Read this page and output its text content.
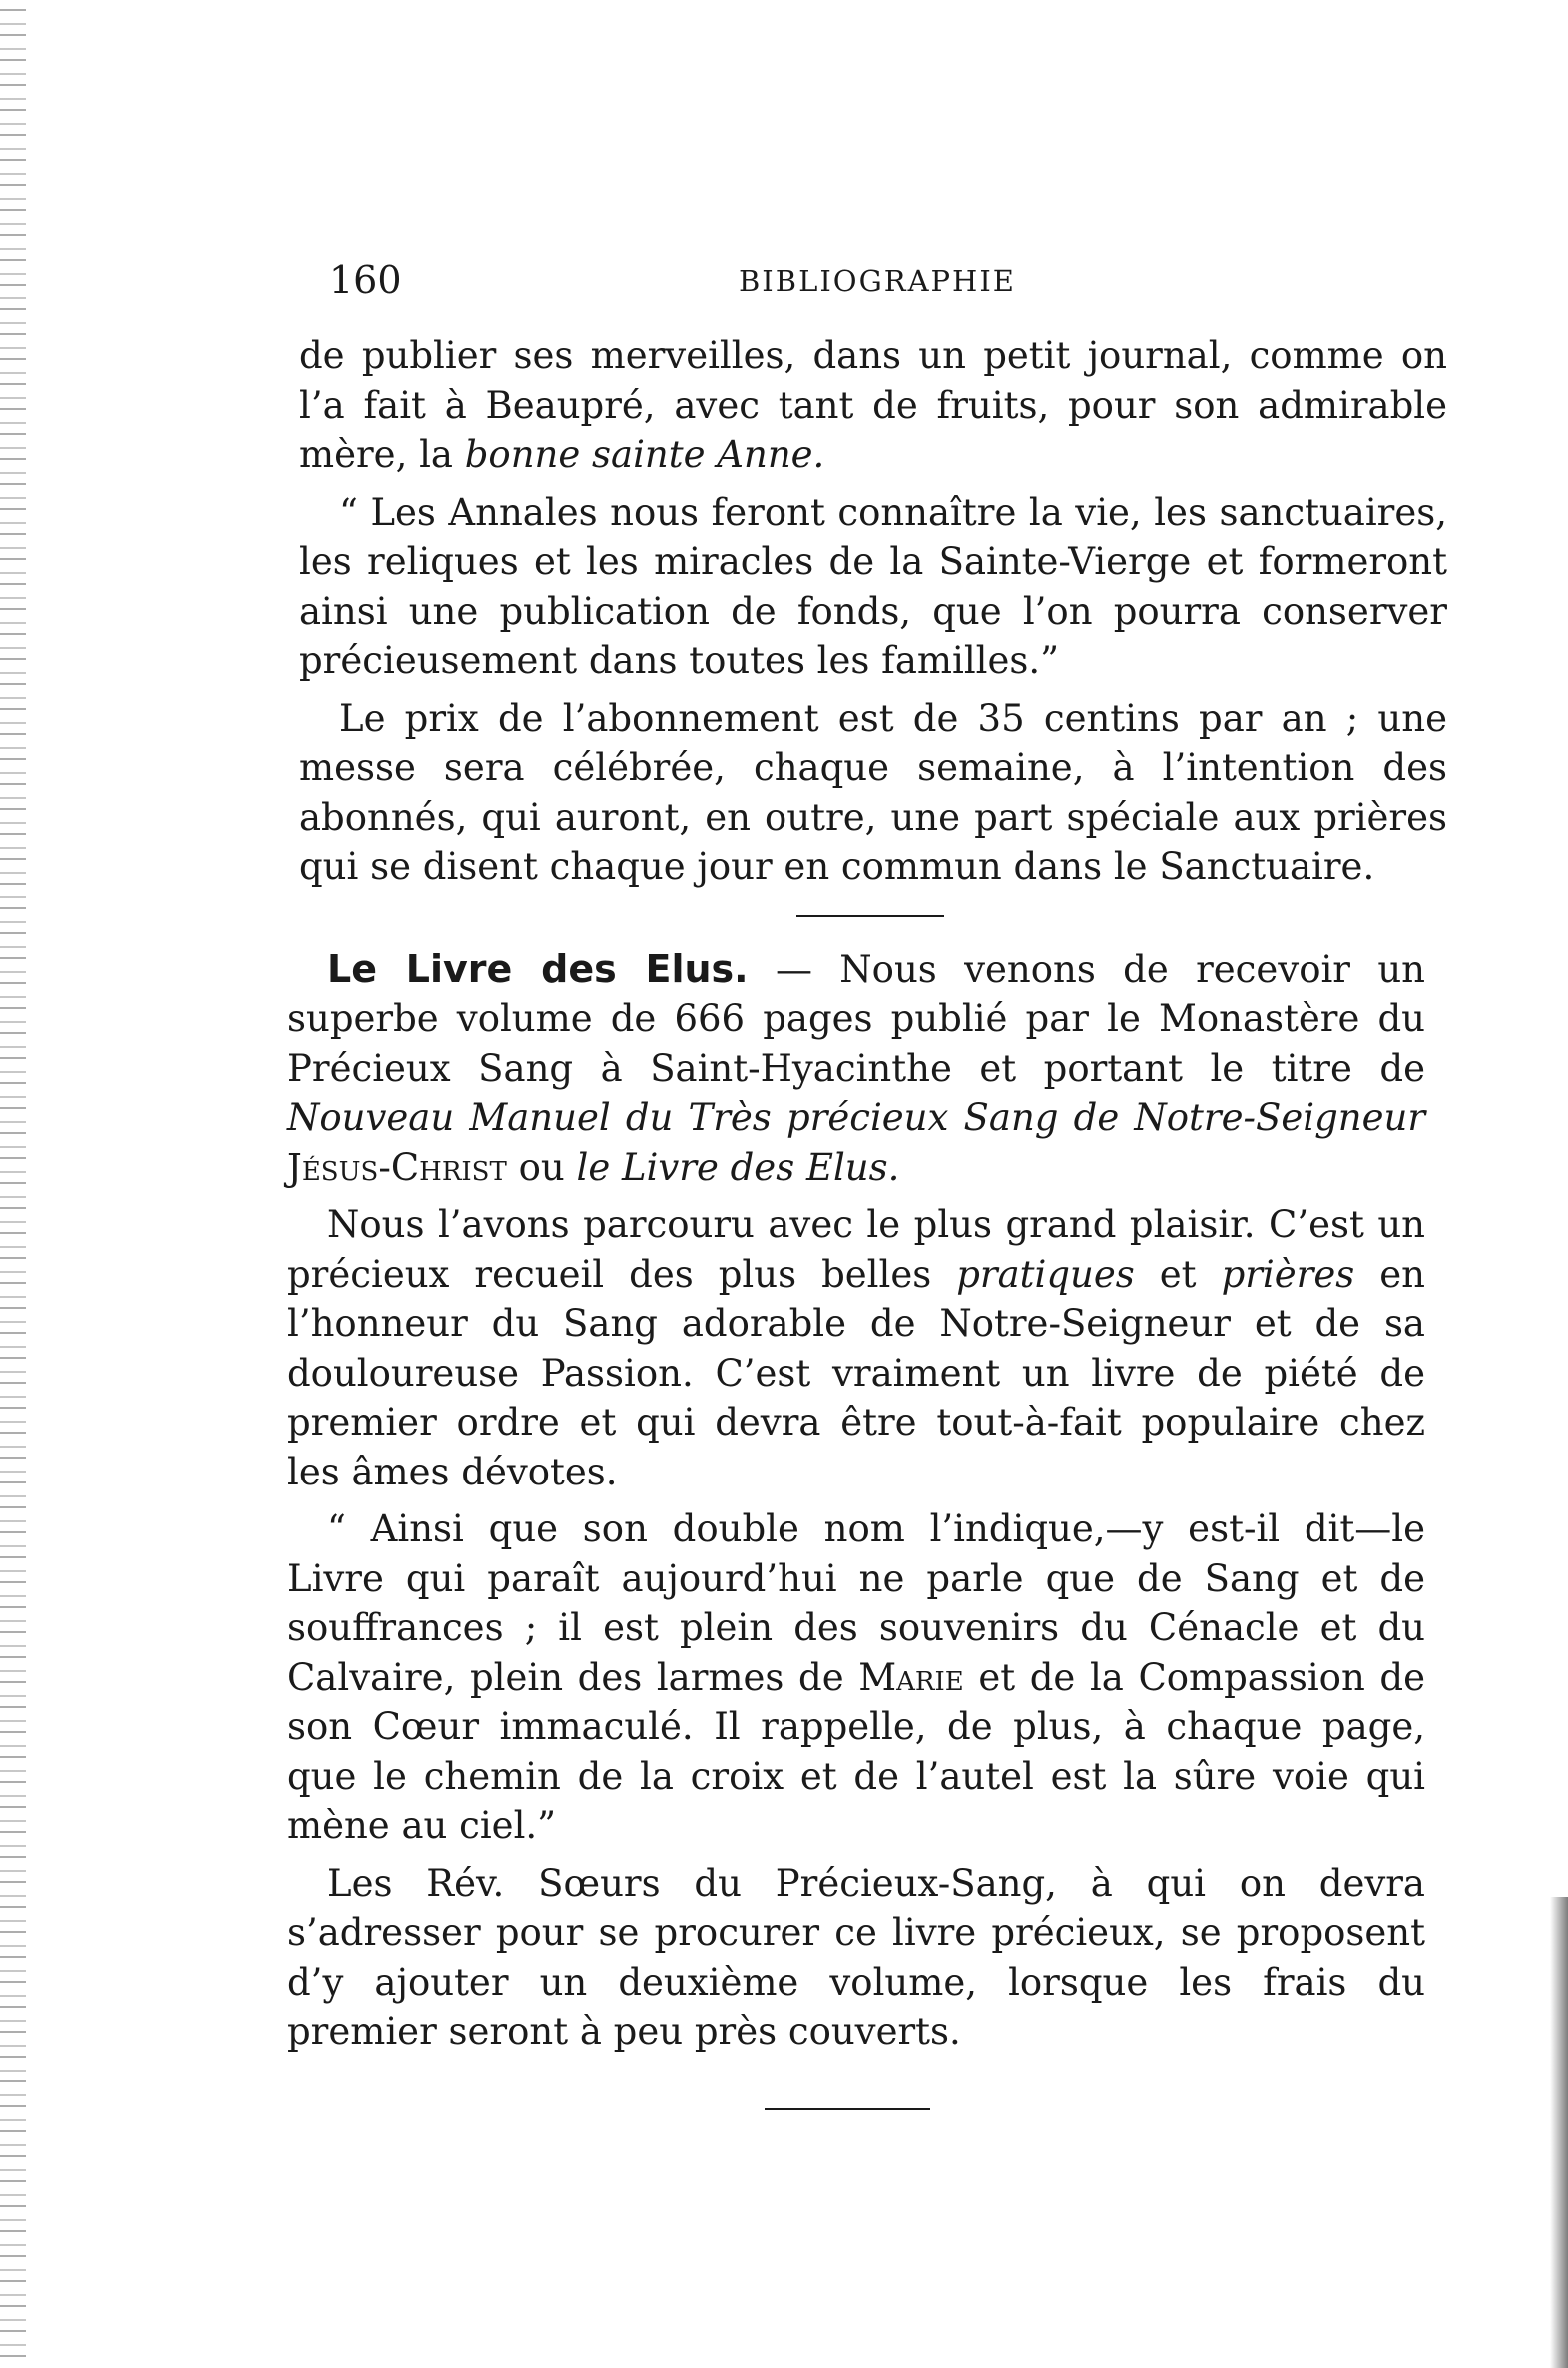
160	BIBLIOGRAPHIE

de publier ses merveilles, dans un petit journal, comme on l’a fait à Beaupré, avec tant de fruits, pour son admirable mère, la bonne sainte Anne.

“ Les Annales nous feront connaître la vie, les sanctuaires, les reliques et les miracles de la Sainte-Vierge et formeront ainsi une publication de fonds, que l’on pourra conserver précieusement dans toutes les familles.”

Le prix de l’abonnement est de 35 centins par an ; une messe sera célébrée, chaque semaine, à l’intention des abonnés, qui auront, en outre, une part spéciale aux prières qui se disent chaque jour en commun dans le Sanctuaire.

Le Livre des Elus. — Nous venons de recevoir un superbe volume de 666 pages publié par le Monastère du Précieux Sang à Saint-Hyacinthe et portant le titre de Nouveau Manuel du Très précieux Sang de Notre-Seigneur Jésus-Christ ou le Livre des Elus.

Nous l’avons parcouru avec le plus grand plaisir. C’est un précieux recueil des plus belles pratiques et prières en l’honneur du Sang adorable de Notre-Seigneur et de sa douloureuse Passion. C’est vraiment un livre de piété de premier ordre et qui devra être tout-à-fait populaire chez les âmes dévotes.

“ Ainsi que son double nom l’indique,—y est-il dit—le Livre qui paraît aujourd’hui ne parle que de Sang et de souffrances ; il est plein des souvenirs du Cénacle et du Calvaire, plein des larmes de Marie et de la Compassion de son Cœur immaculé. Il rappelle, de plus, à chaque page, que le chemin de la croix et de l’autel est la sûre voie qui mène au ciel.”

Les Rév. Sœurs du Précieux-Sang, à qui on devra s’adresser pour se procurer ce livre précieux, se proposent d’y ajouter un deuxième volume, lorsque les frais du premier seront à peu près couverts.
